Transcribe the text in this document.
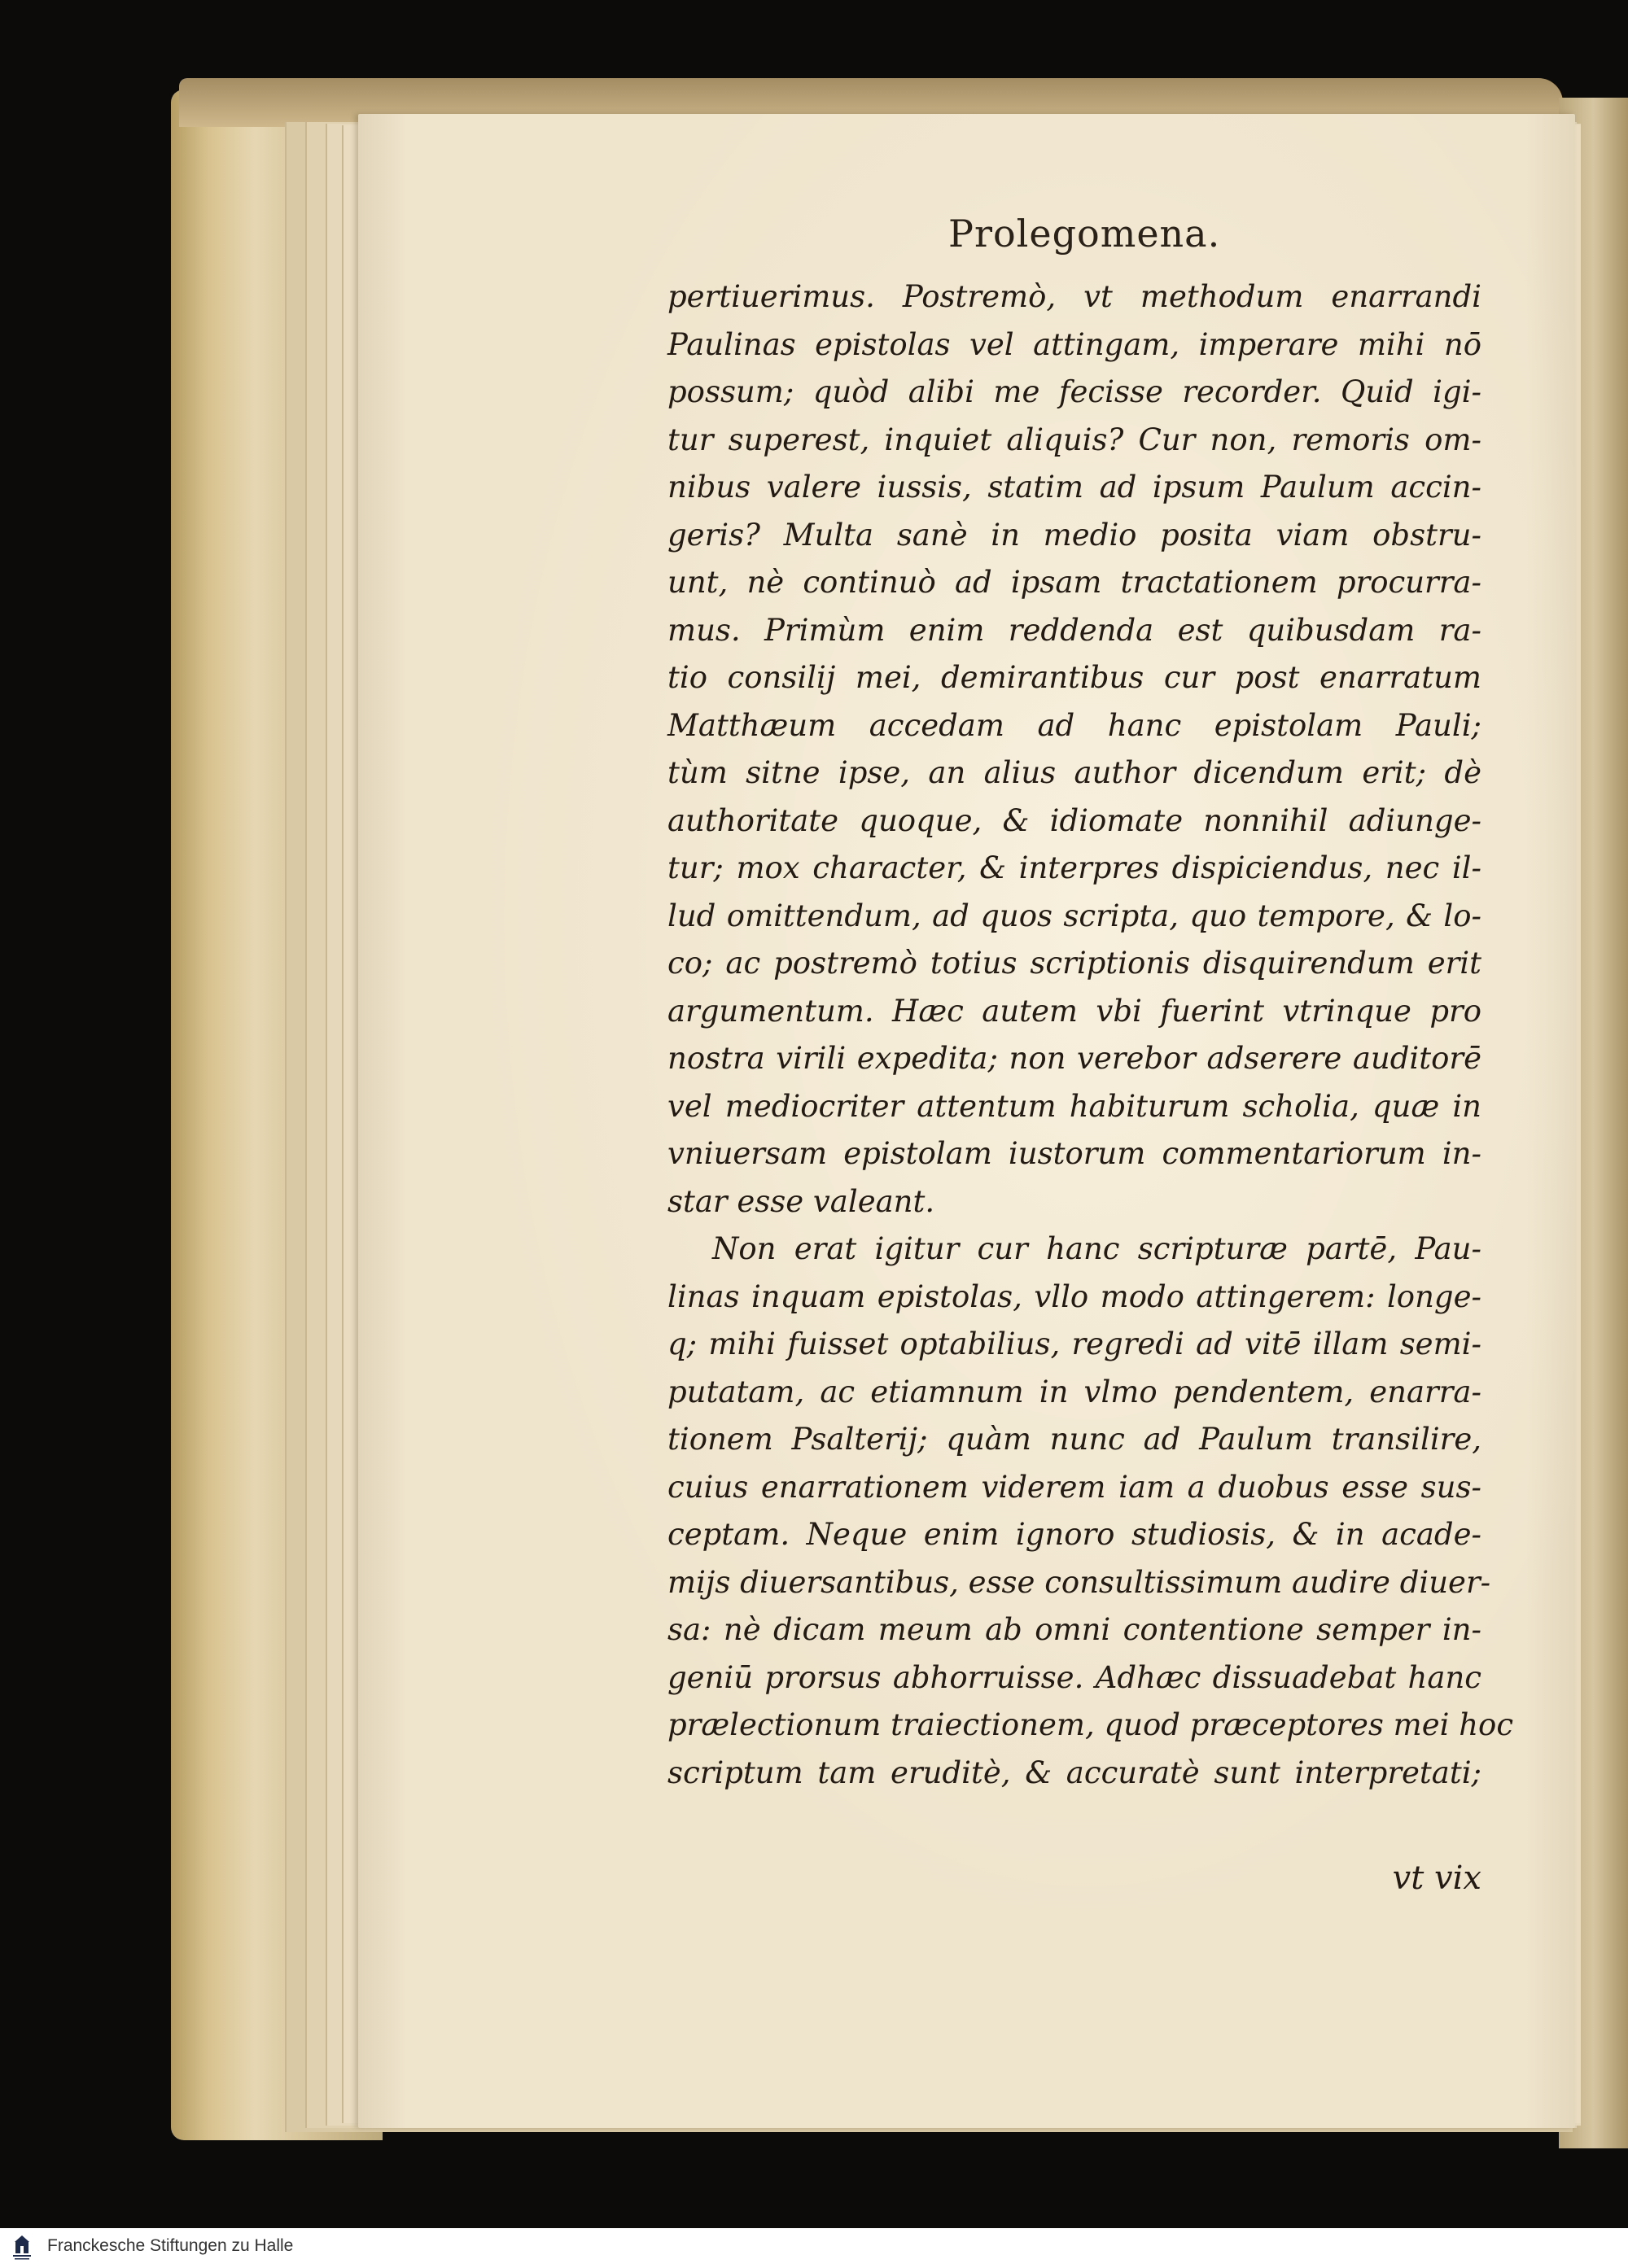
Prolegomena.
pertiuerimus. Postremò, vt methodum enarrandi
Paulinas epistolas vel attingam, imperare mihi nō
possum; quòd alibi me fecisse recorder. Quid igi-
tur superest, inquiet aliquis? Cur non, remoris om-
nibus valere iussis, statim ad ipsum Paulum accin-
geris? Multa sanè in medio posita viam obstru-
unt, nè continuò ad ipsam tractationem procurra-
mus. Primùm enim reddenda est quibusdam ra-
tio consilij mei, demirantibus cur post enarratum
Matthæum accedam ad hanc epistolam Pauli;
tùm sitne ipse, an alius author dicendum erit; dè
authoritate quoque, & idiomate nonnihil adiunge-
tur; mox character, & interpres dispiciendus, nec il-
lud omittendum, ad quos scripta, quo tempore, & lo-
co; ac postremò totius scriptionis disquirendum erit
argumentum. Hæc autem vbi fuerint vtrinque pro
nostra virili expedita; non verebor adserere auditorē
vel mediocriter attentum habiturum scholia, quæ in
vniuersam epistolam iustorum commentariorum in-
star esse valeant.
Non erat igitur cur hanc scripturæ partē, Pau-
linas inquam epistolas, vllo modo attingerem: longe-
q; mihi fuisset optabilius, regredi ad vitē illam semi-
putatam, ac etiamnum in vlmo pendentem, enarra-
tionem Psalterij; quàm nunc ad Paulum transilire,
cuius enarrationem viderem iam a duobus esse sus-
ceptam. Neque enim ignoro studiosis, & in acade-
mijs diuersantibus, esse consultissimum audire diuer-
sa: nè dicam meum ab omni contentione semper in-
geniū prorsus abhorruisse. Adhæc dissuadebat hanc
prælectionum traiectionem, quod præceptores mei hoc
scriptum tam eruditè, & accuratè sunt interpretati;
vt vix
Franckesche Stiftungen zu Halle
